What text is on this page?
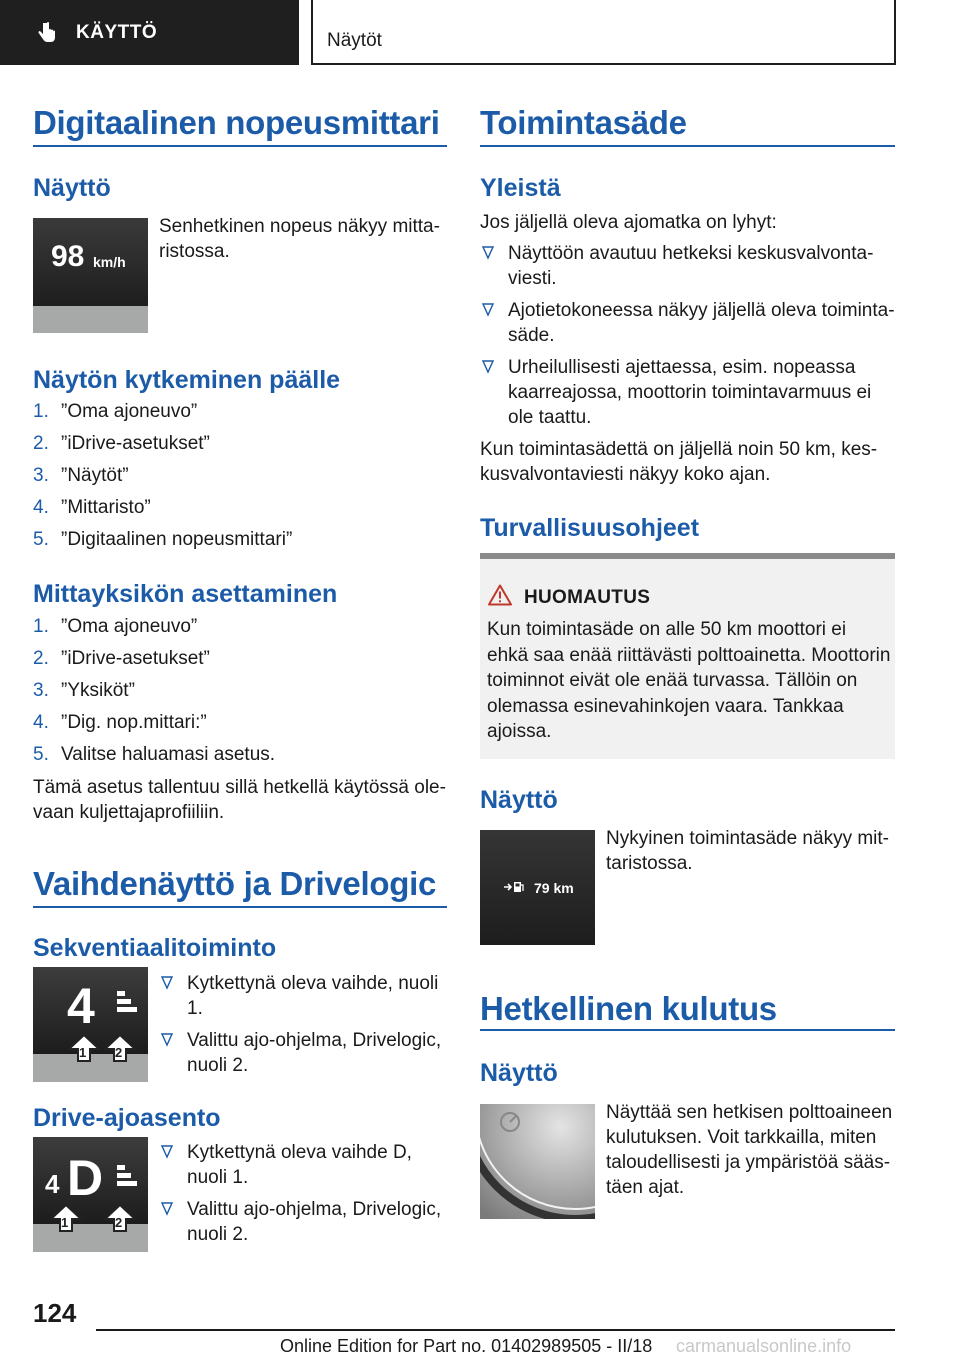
KÄYTTÖ	Näytöt
Digitaalinen nopeusmittari
Näyttö
98 km/h
Senhetkinen nopeus näkyy mittaristossa.
Näytön kytkeminen päälle
1. ”Oma ajoneuvo”
2. ”iDrive-asetukset”
3. ”Näytöt”
4. ”Mittaristo”
5. ”Digitaalinen nopeusmittari”
Mittayksikön asettaminen
1. ”Oma ajoneuvo”
2. ”iDrive-asetukset”
3. ”Yksiköt”
4. ”Dig. nop.mittari:”
5. Valitse haluamasi asetus.
Tämä asetus tallentuu sillä hetkellä käytössä olevaan kuljettajaprofiiliin.
Vaihdenäyttö ja Drivelogic
Sekventiaalitoiminto
4
1 2
Kytkettynä oleva vaihde, nuoli 1.
Valittu ajo-ohjelma, Drivelogic, nuoli 2.
Drive-ajoasento
4 D
1	2
Kytkettynä oleva vaihde D, nuoli 1.
Valittu ajo-ohjelma, Drivelogic, nuoli 2.
Toimintasäde
Yleistä
Jos jäljellä oleva ajomatka on lyhyt:
Näyttöön avautuu hetkeksi keskusvalvontaviesti.
Ajotietokoneessa näkyy jäljellä oleva toimintasäde.
Urheilullisesti ajettaessa, esim. nopeassa kaarreajossa, moottorin toimintavarmuus ei ole taattu.
Kun toimintasädettä on jäljellä noin 50 km, keskusvalvontaviesti näkyy koko ajan.
Turvallisuusohjeet
HUOMAUTUS
Kun toimintasäde on alle 50 km moottori ei ehkä saa enää riittävästi polttoainetta. Moottorin toiminnot eivät ole enää turvassa. Tällöin on olemassa esinevahinkojen vaara. Tankkaa ajoissa.
Näyttö
79 km
Nykyinen toimintasäde näkyy mittaristossa.
Hetkellinen kulutus
Näyttö
Näyttää sen hetkisen polttoaineen kulutuksen. Voit tarkkailla, miten taloudellisesti ja ympäristöä säästäen ajat.
124
Online Edition for Part no. 01402989505 - II/18 carmanualsonline.info
